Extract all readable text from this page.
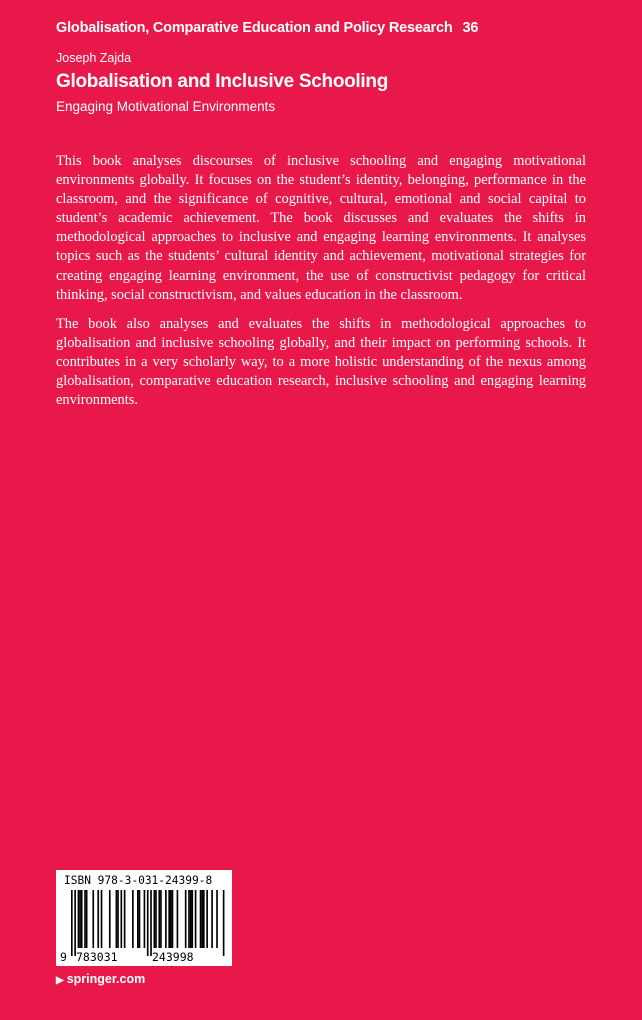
Globalisation, Comparative Education and Policy Research 36
Joseph Zajda
Globalisation and Inclusive Schooling
Engaging Motivational Environments

This book analyses discourses of inclusive schooling and engaging motivational environments globally. It focuses on the student’s identity, belonging, performance in the classroom, and the significance of cognitive, cultural, emotional and social capital to student’s academic achievement. The book discusses and evaluates the shifts in methodological approaches to inclusive and engaging learning environments. It analyses topics such as the students’ cultural identity and achievement, motivational strategies for creating engaging learning environment, the use of constructivist pedagogy for critical thinking, social constructivism, and values education in the classroom.

The book also analyses and evaluates the shifts in methodological approaches to globalisation and inclusive schooling globally, and their impact on performing schools. It contributes in a very scholarly way, to a more holistic understanding of the nexus among globalisation, comparative education research, inclusive schooling and engaging learning environments.

ISBN 978-3-031-24399-8
9 783031	243998
▶ springer.com
